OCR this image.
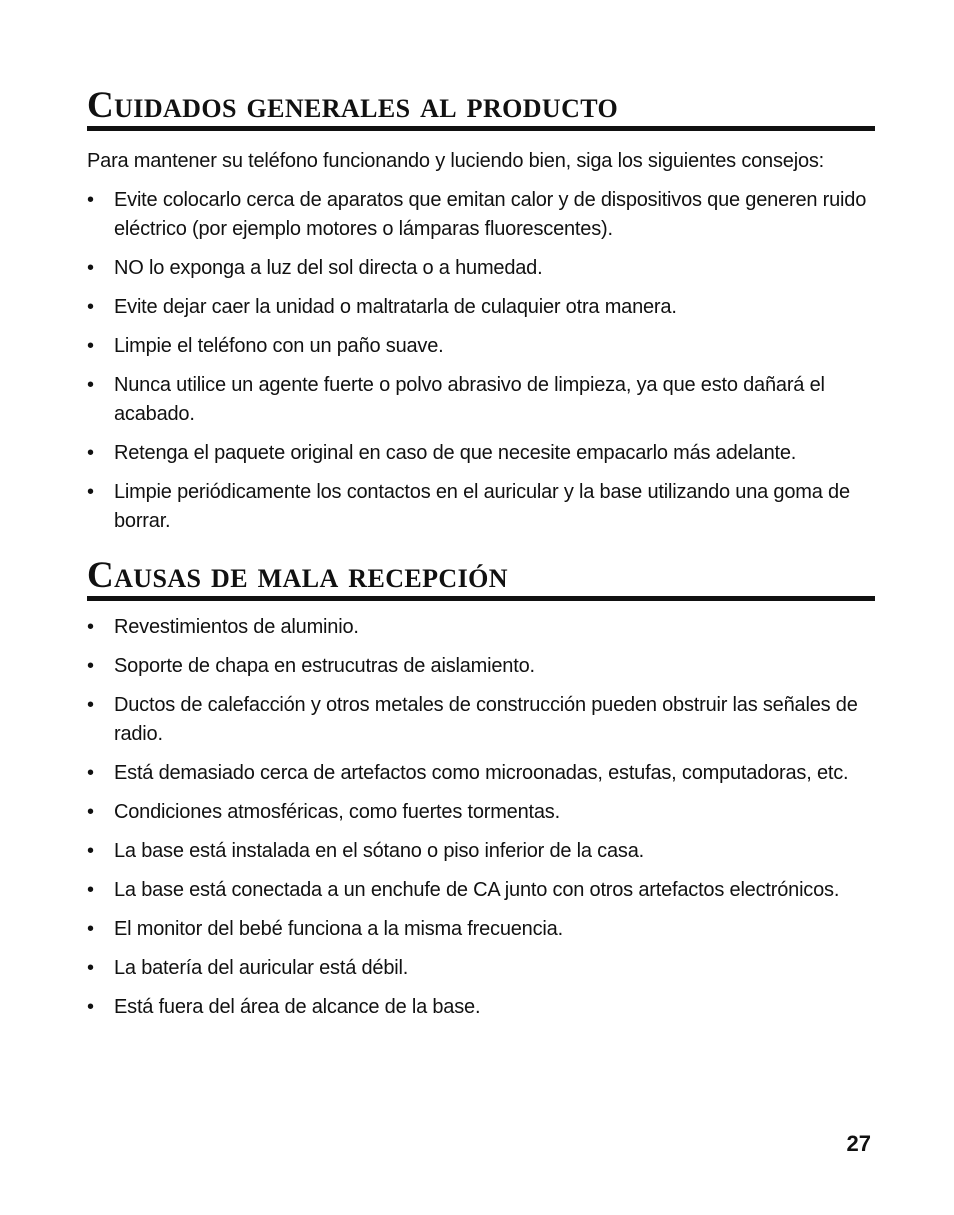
Cuidados generales al producto

Para mantener su teléfono funcionando y luciendo bien, siga los siguientes consejos:

•	Evite colocarlo cerca de aparatos que emitan calor y de dispositivos que generen ruido eléctrico (por ejemplo motores o lámparas fluorescentes).
•	NO lo exponga a luz del sol directa o a humedad.
•	Evite dejar caer la unidad o maltratarla de culaquier otra manera.
•	Limpie el teléfono con un paño suave.
•	Nunca utilice un agente fuerte o polvo abrasivo de limpieza, ya que esto dañará el acabado.
•	Retenga el paquete original en caso de que necesite empacarlo más adelante.
•	Limpie periódicamente los contactos en el auricular y la base utilizando una goma de borrar.
Causas de mala recepción
•	Revestimientos de aluminio.
•	Soporte de chapa en estrucutras de aislamiento.
•	Ductos de calefacción y otros metales de construcción pueden obstruir las señales de radio.
•	Está demasiado cerca de artefactos como microonadas, estufas, computadoras, etc.
•	Condiciones atmosféricas, como fuertes tormentas.
•	La base está instalada en el sótano o piso inferior de la casa.
•	La base está conectada a un enchufe de CA junto con otros artefactos electrónicos.
•	El monitor del bebé funciona a la misma frecuencia.
•	La batería del auricular está débil.
•	Está fuera del área de alcance de la base.
27
